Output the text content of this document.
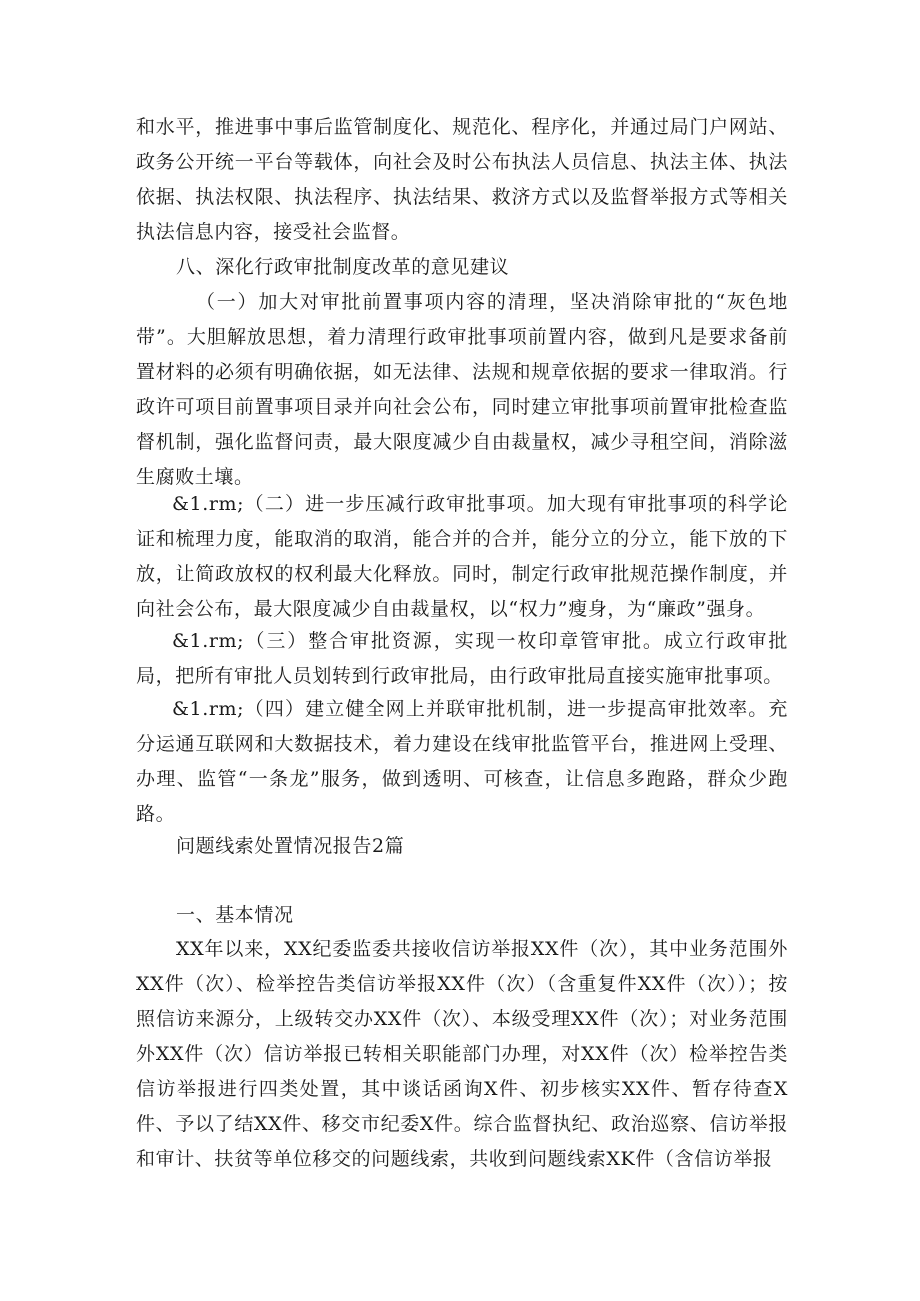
和水平，推进事中事后监管制度化、规范化、程序化，并通过局门户网站、政务公开统一平台等载体，向社会及时公布执法人员信息、执法主体、执法依据、执法权限、执法程序、执法结果、救济方式以及监督举报方式等相关执法信息内容，接受社会监督。
八、深化行政审批制度改革的意见建议
（一）加大对审批前置事项内容的清理，坚决消除审批的“灰色地带”。大胆解放思想，着力清理行政审批事项前置内容，做到凡是要求备前置材料的必须有明确依据，如无法律、法规和规章依据的要求一律取消。行政许可项目前置事项目录并向社会公布，同时建立审批事项前置审批检查监督机制，强化监督问责，最大限度减少自由裁量权，减少寻租空间，消除滋生腐败土壤。
&1.rm;（二）进一步压减行政审批事项。加大现有审批事项的科学论证和梳理力度，能取消的取消，能合并的合并，能分立的分立，能下放的下放，让简政放权的权利最大化释放。同时，制定行政审批规范操作制度，并向社会公布，最大限度减少自由裁量权，以“权力”瘦身，为“廉政”强身。
&1.rm;（三）整合审批资源，实现一枚印章管审批。成立行政审批局，把所有审批人员划转到行政审批局，由行政审批局直接实施审批事项。
&1.rm;（四）建立健全网上并联审批机制，进一步提高审批效率。充分运通互联网和大数据技术，着力建设在线审批监管平台，推进网上受理、办理、监管“一条龙”服务，做到透明、可核查，让信息多跑路，群众少跑路。
问题线索处置情况报告2篇
一、基本情况
XX年以来，XX纪委监委共接收信访举报XX件（次），其中业务范围外XX件（次）、检举控告类信访举报XX件（次）（含重复件XX件（次））；按照信访来源分，上级转交办XX件（次）、本级受理XX件（次）；对业务范围外XX件（次）信访举报已转相关职能部门办理，对XX件（次）检举控告类信访举报进行四类处置，其中谈话函询X件、初步核实XX件、暂存待查X件、予以了结XX件、移交市纪委X件。综合监督执纪、政治巡察、信访举报和审计、扶贫等单位移交的问题线索，共收到问题线索XK件（含信访举报
